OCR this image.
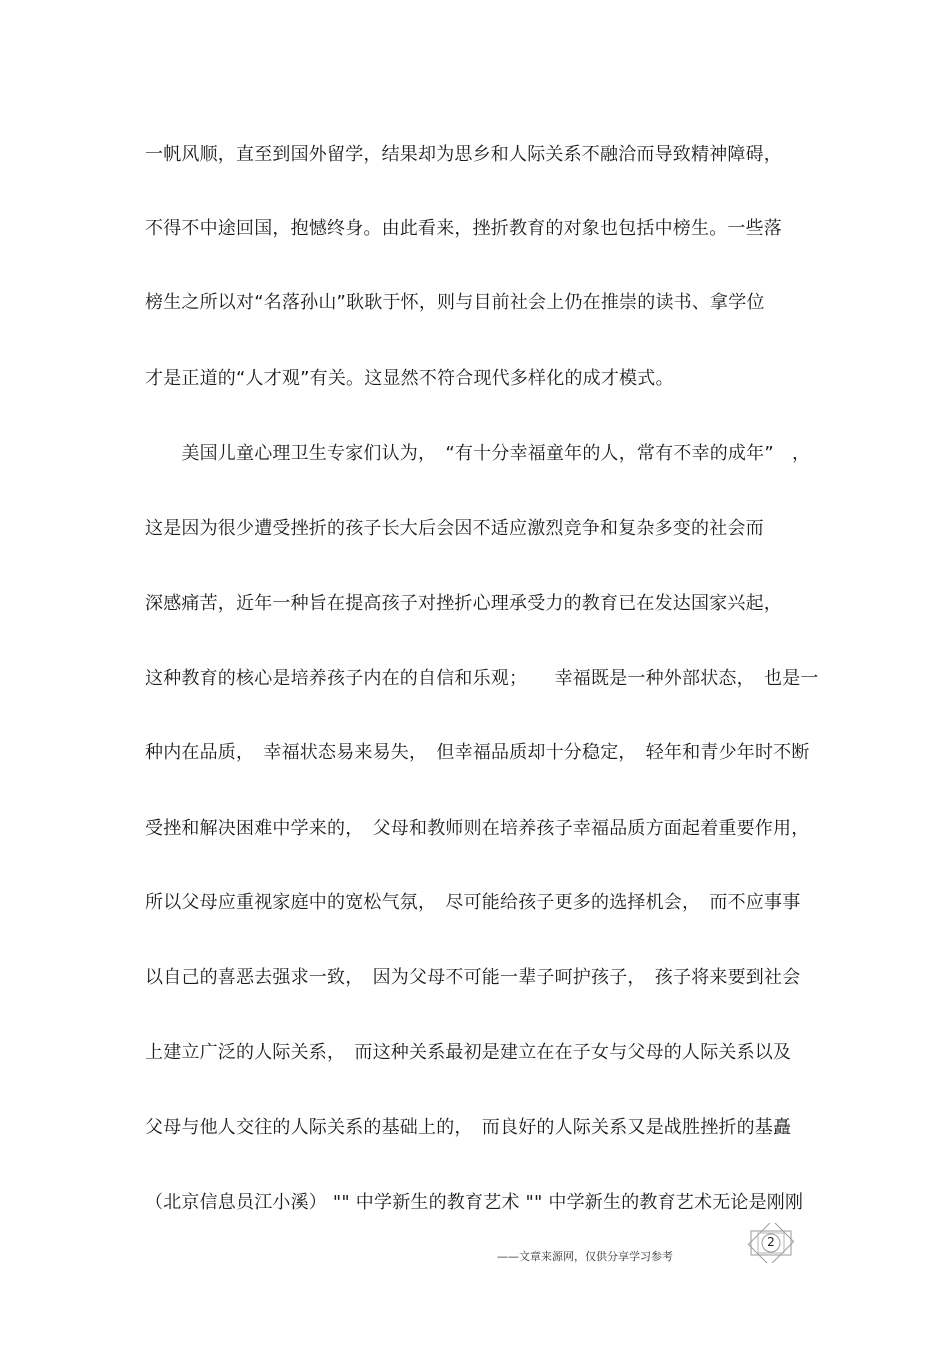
一帆风顺，直至到国外留学，结果却为思乡和人际关系不融洽而导致精神障碍，
不得不中途回国，抱憾终身。由此看来，挫折教育的对象也包括中榜生。一些落
榜生之所以对“名落孙山”耿耿于怀，则与目前社会上仍在推崇的读书、拿学位
才是正道的“人才观”有关。这显然不符合现代多样化的成才模式。
　　美国儿童心理卫生专家们认为，　“有十分幸福童年的人，常有不幸的成年”　，
这是因为很少遭受挫折的孩子长大后会因不适应激烈竞争和复杂多变的社会而
深感痛苦，近年一种旨在提高孩子对挫折心理承受力的教育已在发达国家兴起，
这种教育的核心是培养孩子内在的自信和乐观；　　幸福既是一种外部状态，　也是一
种内在品质，　幸福状态易来易失，　但幸福品质却十分稳定，　轻年和青少年时不断
受挫和解决困难中学来的，　父母和教师则在培养孩子幸福品质方面起着重要作用，
所以父母应重视家庭中的宽松气氛，　尽可能给孩子更多的选择机会，　而不应事事
以自己的喜恶去强求一致，　因为父母不可能一辈子呵护孩子，　孩子将来要到社会
上建立广泛的人际关系，　而这种关系最初是建立在在子女与父母的人际关系以及
父母与他人交往的人际关系的基础上的，　而良好的人际关系又是战胜挫折的基矗
（北京信息员江小溪） "" 中学新生的教育艺术 "" 中学新生的教育艺术无论是刚刚
——文章来源网，仅供分享学习参考
2
